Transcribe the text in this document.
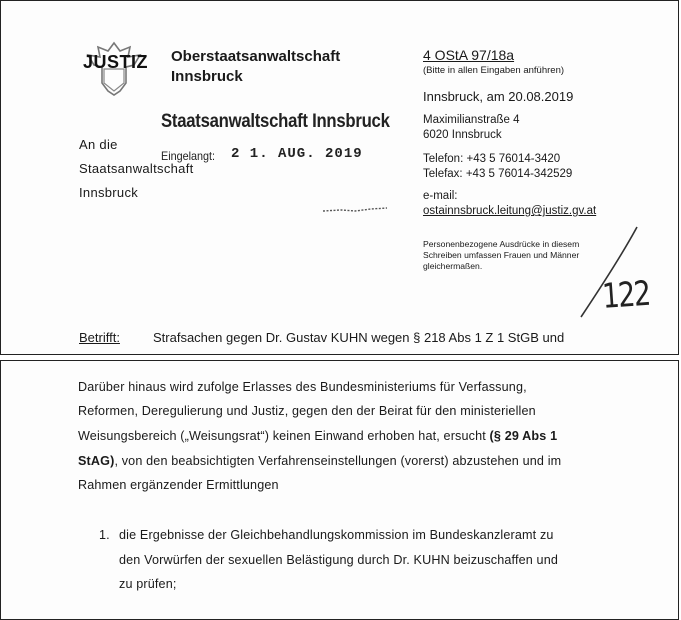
JUSTIZ Oberstaatsanwaltschaft
Innsbruck
4 OStA 97/18a
(Bitte in allen Eingaben anführen)
Innsbruck, am 20.08.2019
Maximilianstraße 4
6020 Innsbruck
Telefon: +43 5 76014-3420
Telefax: +43 5 76014-342529
e-mail:
ostainnsbruck.leitung@justiz.gv.at
Personenbezogene Ausdrücke in diesem
Schreiben umfassen Frauen und Männer
gleichermaßen.
An die
Staatsanwaltschaft
Innsbruck
Staatsanwaltschaft Innsbruck
Eingelangt: 2 1. AUG. 2019
122
Betrifft:	Strafsachen gegen Dr. Gustav KUHN wegen § 218 Abs 1 Z 1 StGB und
Darüber hinaus wird zufolge Erlasses des Bundesministeriums für Verfassung,
Reformen, Deregulierung und Justiz, gegen den der Beirat für den ministeriellen
Weisungsbereich („Weisungsrat“) keinen Einwand erhoben hat, ersucht (§ 29 Abs 1
StAG), von den beabsichtigten Verfahrenseinstellungen (vorerst) abzustehen und im
Rahmen ergänzender Ermittlungen
1. die Ergebnisse der Gleichbehandlungskommission im Bundeskanzleramt zu
den Vorwürfen der sexuellen Belästigung durch Dr. KUHN beizuschaffen und
zu prüfen;
